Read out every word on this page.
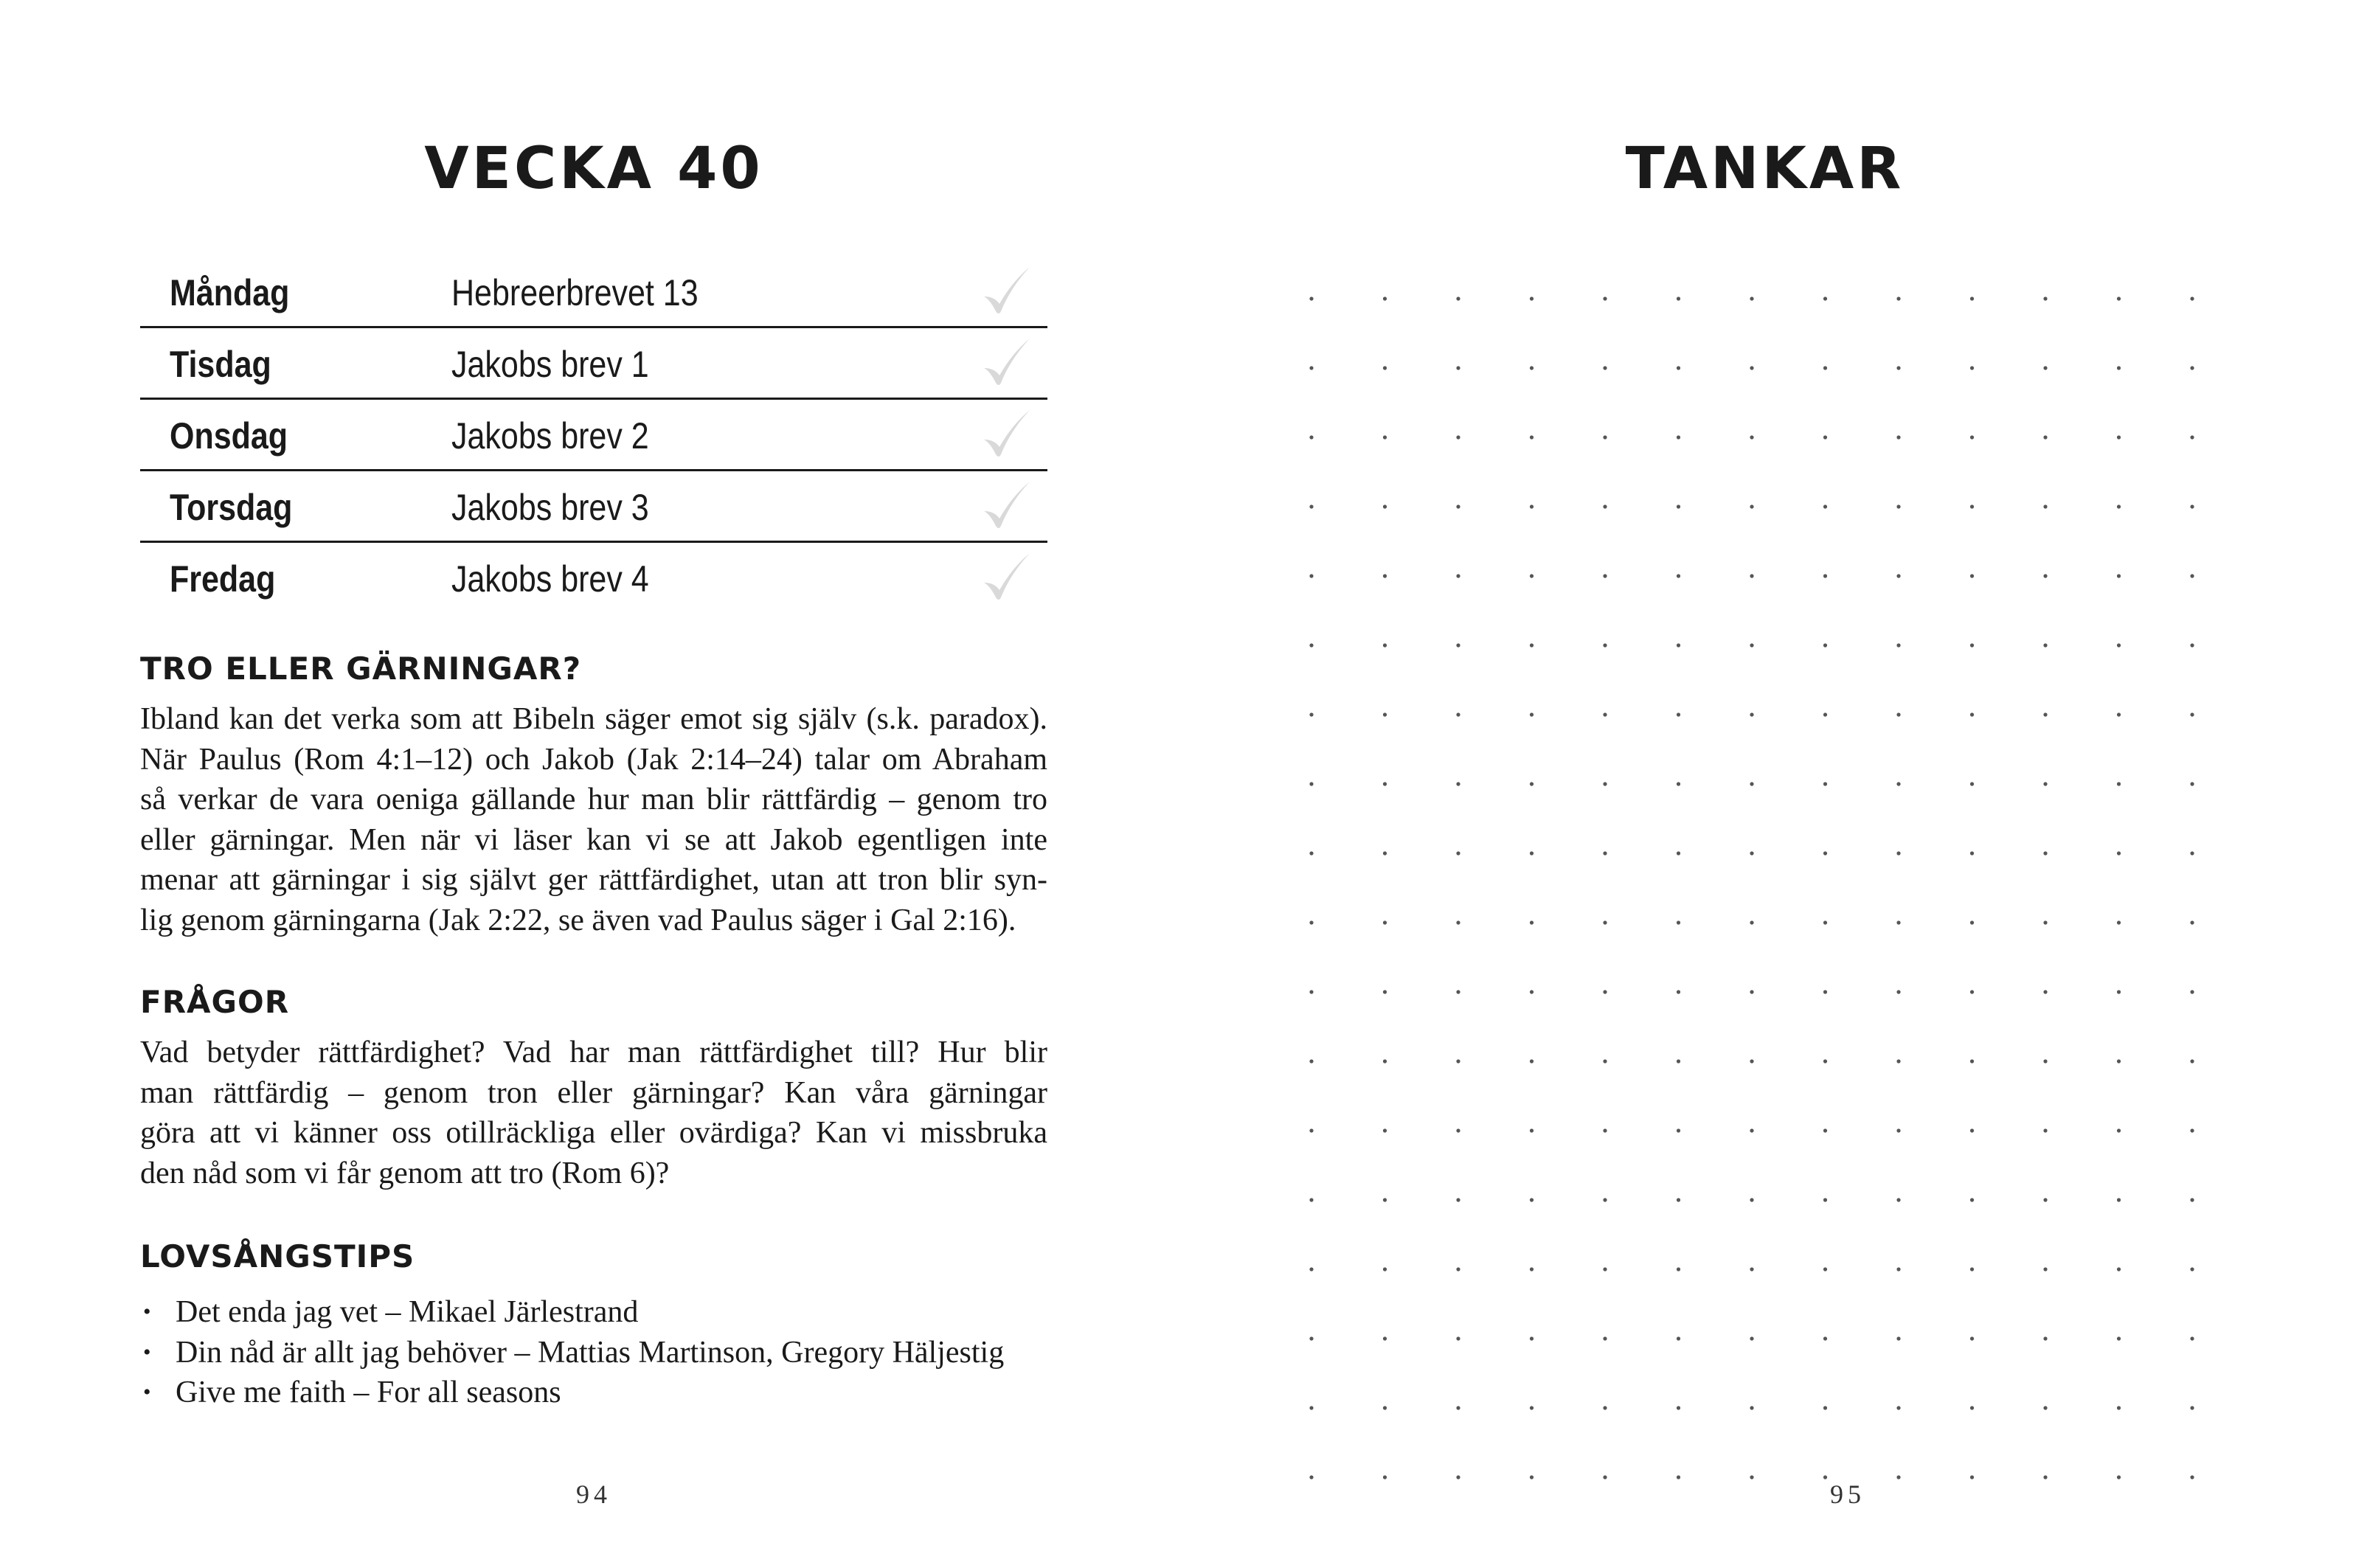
VECKA 40
Måndag	Hebreerbrevet 13
Tisdag	Jakobs brev 1
Onsdag	Jakobs brev 2
Torsdag	Jakobs brev 3
Fredag	Jakobs brev 4
TRO ELLER GÄRNINGAR?

Ibland kan det verka som att Bibeln säger emot sig själv (s.k. paradox).
När Paulus (Rom 4:1–12) och Jakob (Jak 2:14–24) talar om Abraham
så verkar de vara oeniga gällande hur man blir rättfärdig – genom tro
eller gärningar. Men när vi läser kan vi se att Jakob egentligen inte
menar att gärningar i sig självt ger rättfärdighet, utan att tron blir syn-
lig genom gärningarna (Jak 2:22, se även vad Paulus säger i Gal 2:16).

FRÅGOR

Vad betyder rättfärdighet? Vad har man rättfärdighet till? Hur blir
man rättfärdig – genom tron eller gärningar? Kan våra gärningar
göra att vi känner oss otillräckliga eller ovärdiga? Kan vi missbruka
den nåd som vi får genom att tro (Rom 6)?

LOVSÅNGSTIPS
• Det enda jag vet – Mikael Järlestrand
• Din nåd är allt jag behöver – Mattias Martinson, Gregory Häljestig
• Give me faith – For all seasons
94
TANKAR
95
